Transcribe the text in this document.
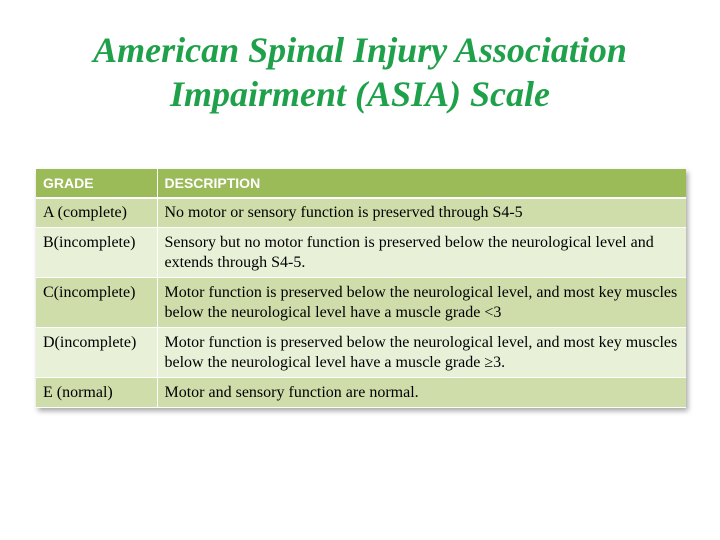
American Spinal Injury Association
Impairment (ASIA) Scale
GRADE	DESCRIPTION
A (complete)	No motor or sensory function is preserved through S4-5
B(incomplete)	Sensory but no motor function is preserved below the neurological level and extends through S4-5.
C(incomplete)	Motor function is preserved below the neurological level, and most key muscles below the neurological level have a muscle grade <3
D(incomplete)	Motor function is preserved below the neurological level, and most key muscles below the neurological level have a muscle grade ≥3.
E (normal)	Motor and sensory function are normal.
